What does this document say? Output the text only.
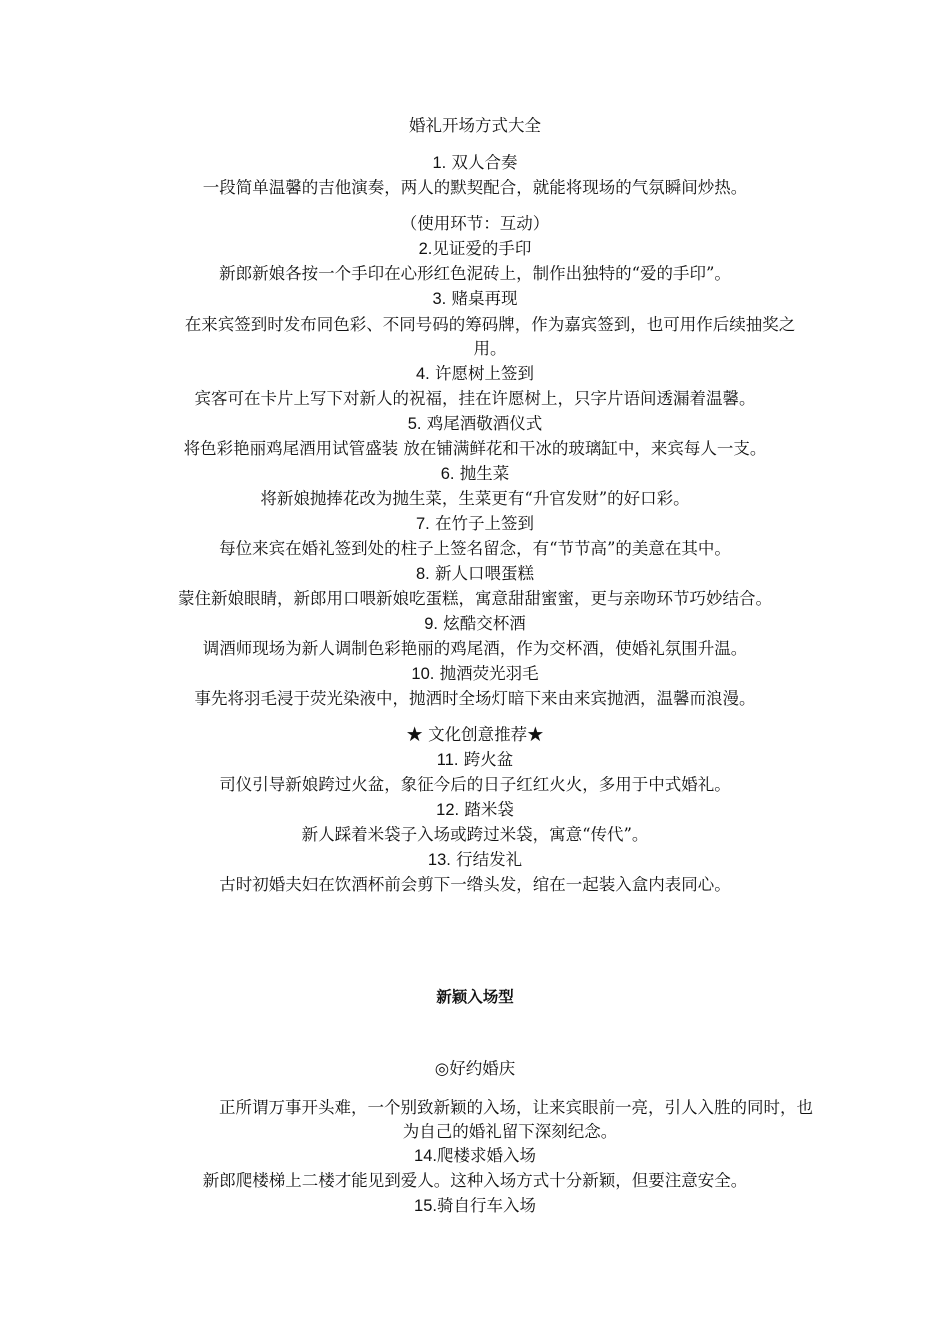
婚礼开场方式大全
1. 双人合奏
一段简单温馨的吉他演奏，两人的默契配合，就能将现场的气氛瞬间炒热。
（使用环节：互动）
2.见证爱的手印
新郎新娘各按一个手印在心形红色泥砖上，制作出独特的“爱的手印”。
3. 赌桌再现
在来宾签到时发布同色彩、不同号码的筹码牌，作为嘉宾签到，也可用作后续抽奖之用。
4. 许愿树上签到
宾客可在卡片上写下对新人的祝福，挂在许愿树上，只字片语间透漏着温馨。
5. 鸡尾酒敬酒仪式
将色彩艳丽鸡尾酒用试管盛装 放在铺满鲜花和干冰的玻璃缸中，来宾每人一支。
6. 抛生菜
将新娘抛捧花改为抛生菜，生菜更有“升官发财”的好口彩。
7. 在竹子上签到
每位来宾在婚礼签到处的柱子上签名留念，有“节节高”的美意在其中。
8. 新人口喂蛋糕
蒙住新娘眼睛，新郎用口喂新娘吃蛋糕，寓意甜甜蜜蜜，更与亲吻环节巧妙结合。
9. 炫酷交杯酒
调酒师现场为新人调制色彩艳丽的鸡尾酒，作为交杯酒，使婚礼氛围升温。
10. 抛酒荧光羽毛
事先将羽毛浸于荧光染液中，抛洒时全场灯暗下来由来宾抛洒，温馨而浪漫。
★ 文化创意推荐★
11. 跨火盆
司仪引导新娘跨过火盆，象征今后的日子红红火火，多用于中式婚礼。
12. 踏米袋
新人踩着米袋子入场或跨过米袋，寓意“传代”。
13. 行结发礼
古时初婚夫妇在饮酒杯前会剪下一绺头发，绾在一起装入盒内表同心。
新颖入场型
◎好约婚庆
正所谓万事开头难，一个别致新颖的入场，让来宾眼前一亮，引人入胜的同时，也为自己的婚礼留下深刻纪念。
14.爬楼求婚入场
新郎爬楼梯上二楼才能见到爱人。这种入场方式十分新颖，但要注意安全。
15.骑自行车入场
